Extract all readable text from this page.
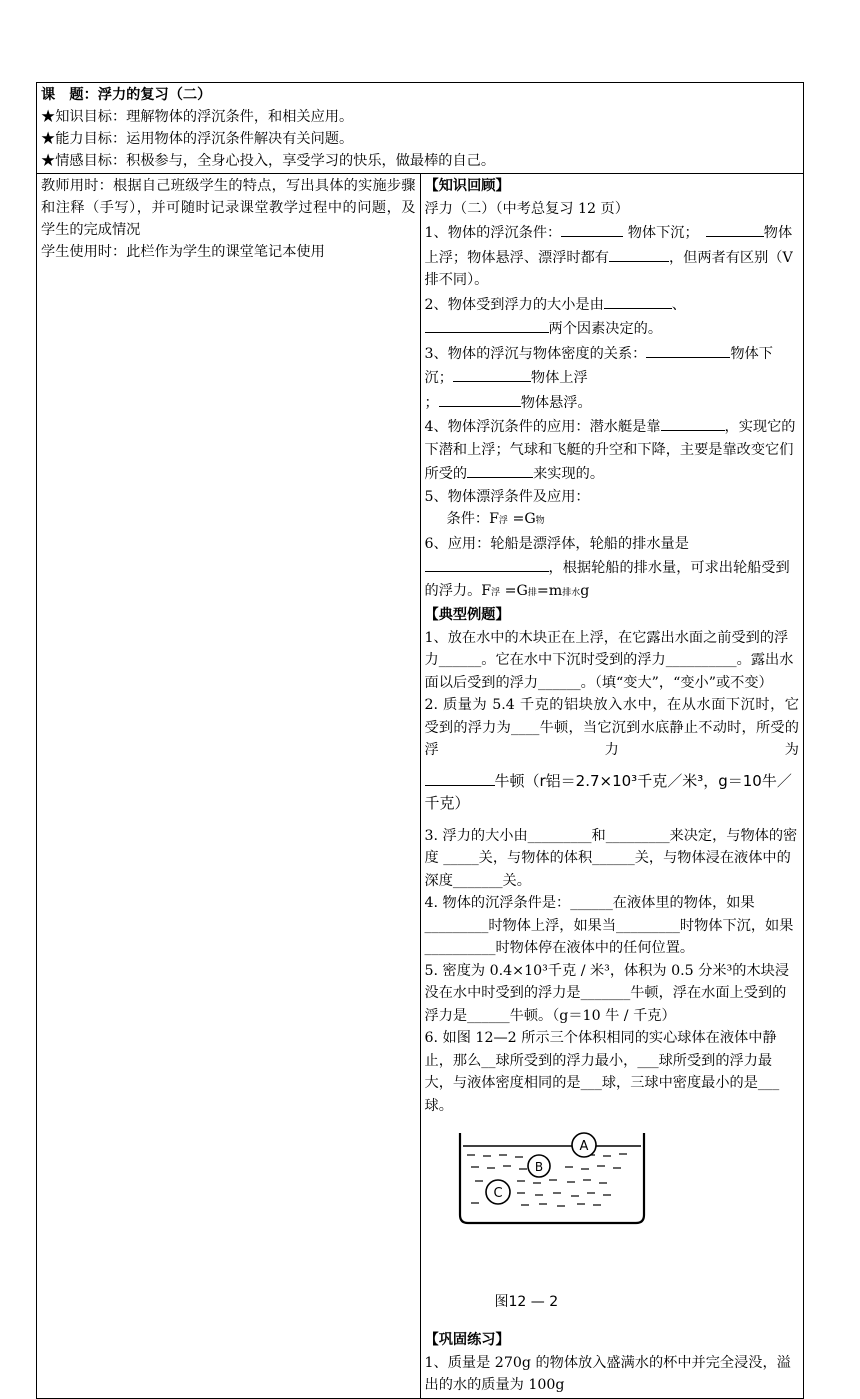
课　题：浮力的复习（二）
★知识目标：理解物体的浮沉条件，和相关应用。
★能力目标：运用物体的浮沉条件解决有关问题。
★情感目标：积极参与，全身心投入，享受学习的快乐，做最棒的自己。

教师用时：根据自己班级学生的特点，写出具体的实施步骤和注释（手写），并可随时记录课堂教学过程中的问题，及学生的完成情况
学生使用时：此栏作为学生的课堂笔记本使用

【知识回顾】
浮力（二）（中考总复习 12 页）
1、物体的浮沉条件：	物体下沉；　	物体上浮；物体悬浮、漂浮时都有	，但两者有区别（V 排不同）。
2、物体受到浮力的大小是由	、两个因素决定的。
3、物体的浮沉与物体密度的关系：	物体下沉；	物体上浮
；	物体悬浮。
4、物体浮沉条件的应用：潜水艇是靠	，实现它的下潜和上浮；气球和飞艇的升空和下降，主要是靠改变它们所受的	来实现的。
5、物体漂浮条件及应用：
条件：F浮 =G物
6、应用：轮船是漂浮体，轮船的排水量是，根据轮船的排水量，可求出轮船受到的浮力。F浮 =G排=m排水g
【典型例题】
1、放在水中的木块正在上浮，在它露出水面之前受到的浮力______。它在水中下沉时受到的浮力__________。露出水面以后受到的浮力______。（填“变大”，“变小”或不变）
2. 质量为 5.4 千克的铝块放入水中，在从水面下沉时，它受到的浮力为____牛顿，当它沉到水底静止不动时，所受的浮力为
牛顿（r铝＝2.7×10³千克／米³，g＝10牛／千克）
3. 浮力的大小由_________和_________来决定，与物体的密度 _____关，与物体的体积______关，与物体浸在液体中的深度_______关。
4. 物体的沉浮条件是：______在液体里的物体，如果_________时物体上浮，如果当_________时物体下沉，如果__________时物体停在液体中的任何位置。
5. 密度为 0.4×10³千克 / 米³，体积为 0.5 分米³的木块浸没在水中时受到的浮力是_______牛顿，浮在水面上受到的浮力是______牛顿。（g＝10 牛 / 千克）
6. 如图 12—2 所示三个体积相同的实心球体在液体中静止，那么__球所受到的浮力最小，___球所受到的浮力最大，与液体密度相同的是___球，三球中密度最小的是___球。
A
B
C
图12 — 2
【巩固练习】
1、质量是 270g 的物体放入盛满水的杯中并完全浸没，溢出的水的质量为 100g
